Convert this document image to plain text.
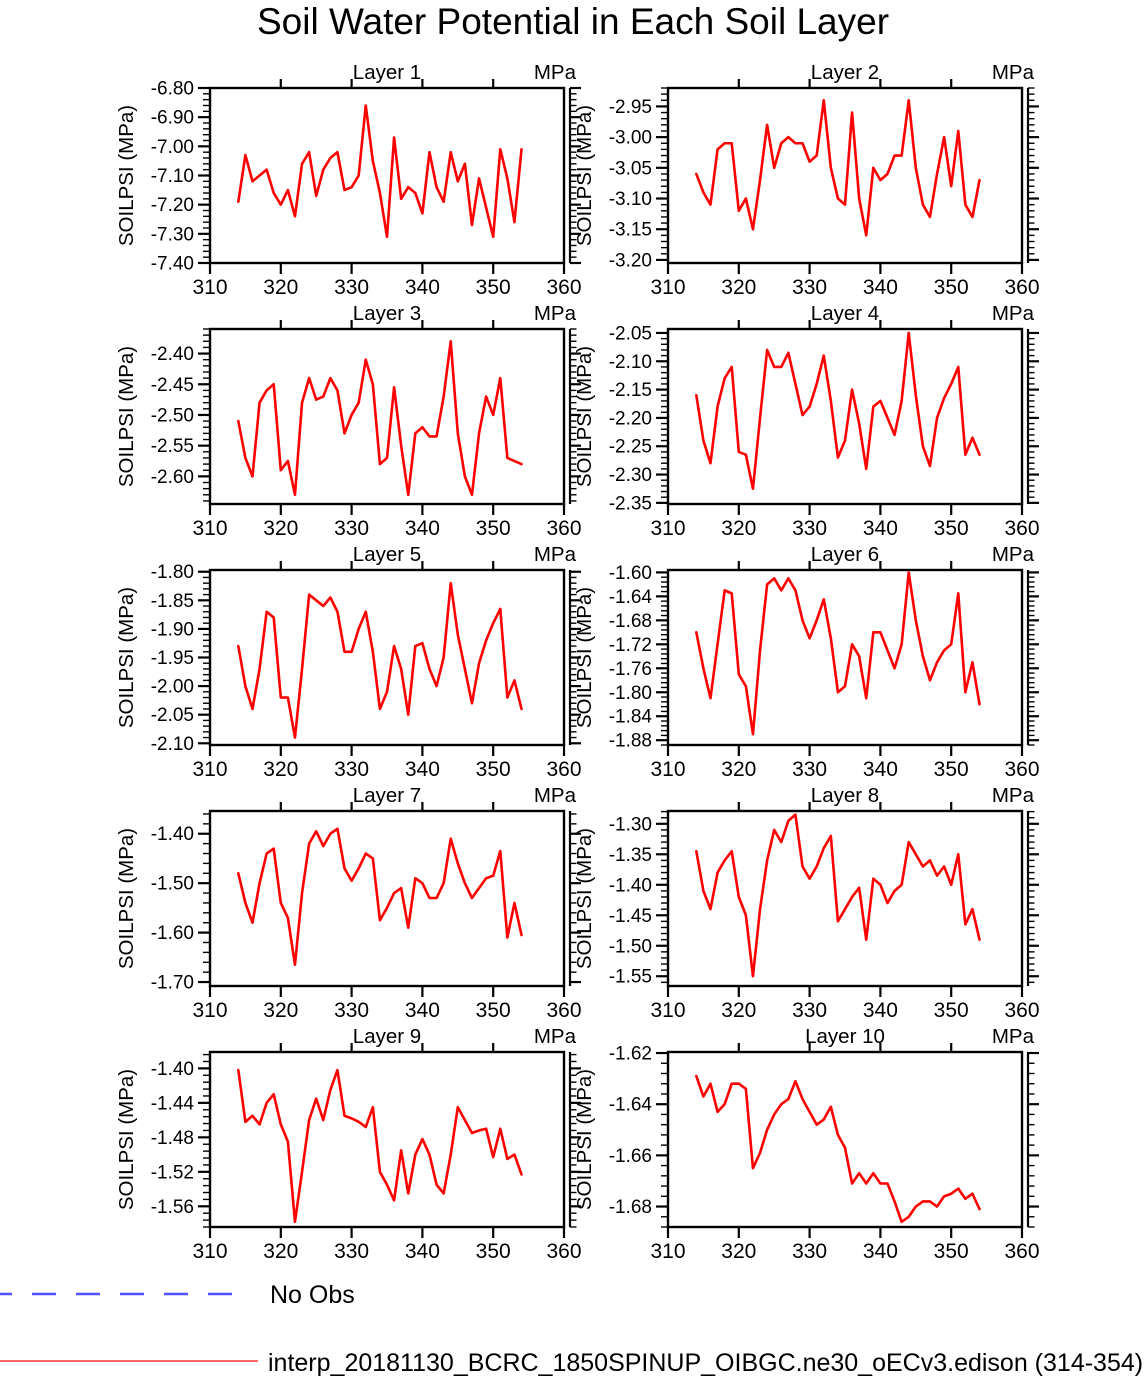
Soil Water Potential in Each Soil Layer
310 320 330 340 350 360
-6.80
-6.90
-7.00
-7.10
-7.20
-7.30
-7.40
Layer 1	MPa
SOILPSI (MPa)
310 320 330 340 350 360
-2.95
-3.00
-3.05
-3.10
-3.15
-3.20
Layer 2	MPa
SOILPSI (MPa)
310 320 330 340 350 360
-2.40
-2.45
-2.50
-2.55
-2.60
Layer 3	MPa
SOILPSI (MPa)
310 320 330 340 350 360
-2.05
-2.10
-2.15
-2.20
-2.25
-2.30
-2.35
Layer 4	MPa
SOILPSI (MPa)
310 320 330 340 350 360
-1.80
-1.85
-1.90
-1.95
-2.00
-2.05
-2.10
Layer 5	MPa
SOILPSI (MPa)
310 320 330 340 350 360
-1.60
-1.64
-1.68
-1.72
-1.76
-1.80
-1.84
-1.88
Layer 6	MPa
SOILPSI (MPa)
310 320 330 340 350 360
-1.40
-1.50
-1.60
-1.70
Layer 7	MPa
SOILPSI (MPa)
310 320 330 340 350 360
-1.30
-1.35
-1.40
-1.45
-1.50
-1.55
Layer 8	MPa
SOILPSI (MPa)
310 320 330 340 350 360
-1.40
-1.44
-1.48
-1.52
-1.56
Layer 9	MPa
SOILPSI (MPa)
310 320 330 340 350 360
-1.62
-1.64
-1.66
-1.68
Layer 10	MPa
SOILPSI (MPa)
No Obs
interp_20181130_BCRC_1850SPINUP_OIBGC.ne30_oECv3.edison (314-354)
